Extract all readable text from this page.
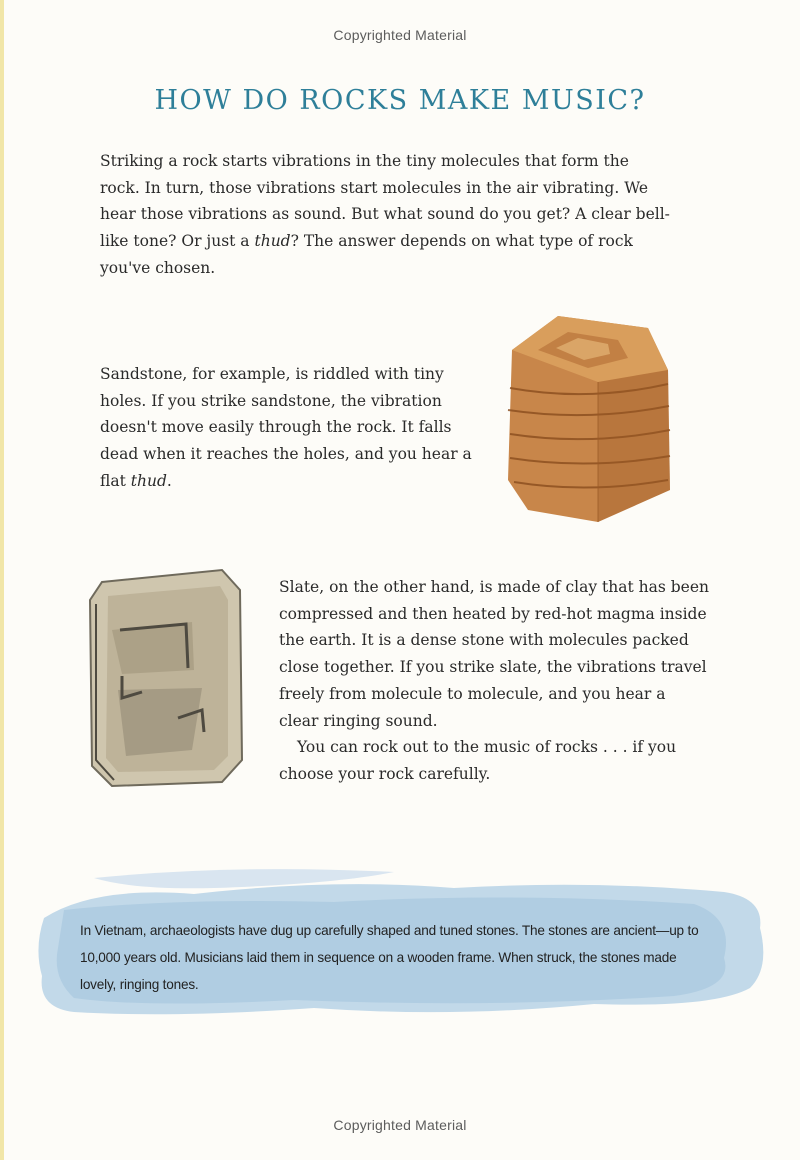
Copyrighted Material
HOW DO ROCKS MAKE MUSIC?

Striking a rock starts vibrations in the tiny molecules that form the rock. In turn, those vibrations start molecules in the air vibrating. We hear those vibrations as sound. But what sound do you get? A clear bell-like tone? Or just a thud? The answer depends on what type of rock you've chosen.

Sandstone, for example, is riddled with tiny holes. If you strike sandstone, the vibration doesn't move easily through the rock. It falls dead when it reaches the holes, and you hear a flat thud.

Slate, on the other hand, is made of clay that has been compressed and then heated by red-hot magma inside the earth. It is a dense stone with molecules packed close together. If you strike slate, the vibrations travel freely from molecule to molecule, and you hear a clear ringing sound.
You can rock out to the music of rocks . . . if you choose your rock carefully.

In Vietnam, archaeologists have dug up carefully shaped and tuned stones. The stones are ancient—up to 10,000 years old. Musicians laid them in sequence on a wooden frame. When struck, the stones made lovely, ringing tones.

Copyrighted Material
